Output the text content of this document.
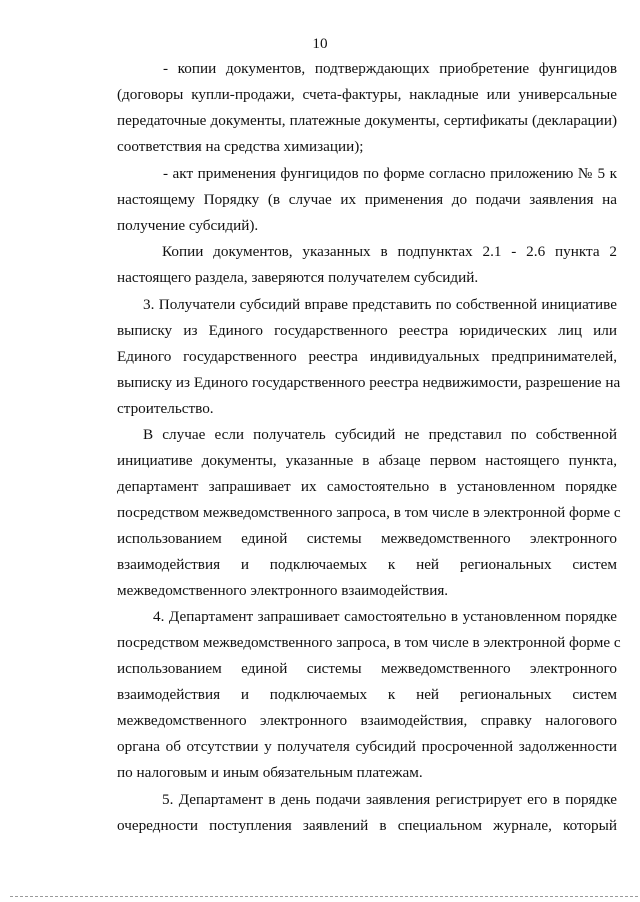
10
- копии документов, подтверждающих приобретение фунгицидов
(договоры купли-продажи, счета-фактуры, накладные или универсальные
передаточные документы, платежные документы, сертификаты (декларации)
соответствия на средства химизации);
- акт применения фунгицидов по форме согласно приложению № 5 к
настоящему Порядку (в случае их применения до подачи заявления на
получение субсидий).
Копии документов, указанных в подпунктах 2.1 - 2.6 пункта 2
настоящего раздела, заверяются получателем субсидий.
3. Получатели субсидий вправе представить по собственной инициативе
выписку из Единого государственного реестра юридических лиц или
Единого государственного реестра индивидуальных предпринимателей,
выписку из Единого государственного реестра недвижимости, разрешение на
строительство.
В случае если получатель субсидий не представил по собственной
инициативе документы, указанные в абзаце первом настоящего пункта,
департамент запрашивает их самостоятельно в установленном порядке
посредством межведомственного запроса, в том числе в электронной форме с
использованием единой системы межведомственного электронного
взаимодействия и подключаемых к ней региональных систем
межведомственного электронного взаимодействия.
4. Департамент запрашивает самостоятельно в установленном порядке
посредством межведомственного запроса, в том числе в электронной форме с
использованием единой системы межведомственного электронного
взаимодействия и подключаемых к ней региональных систем
межведомственного электронного взаимодействия, справку налогового
органа об отсутствии у получателя субсидий просроченной задолженности
по налоговым и иным обязательным платежам.
5. Департамент в день подачи заявления регистрирует его в порядке
очередности поступления заявлений в специальном журнале, который
